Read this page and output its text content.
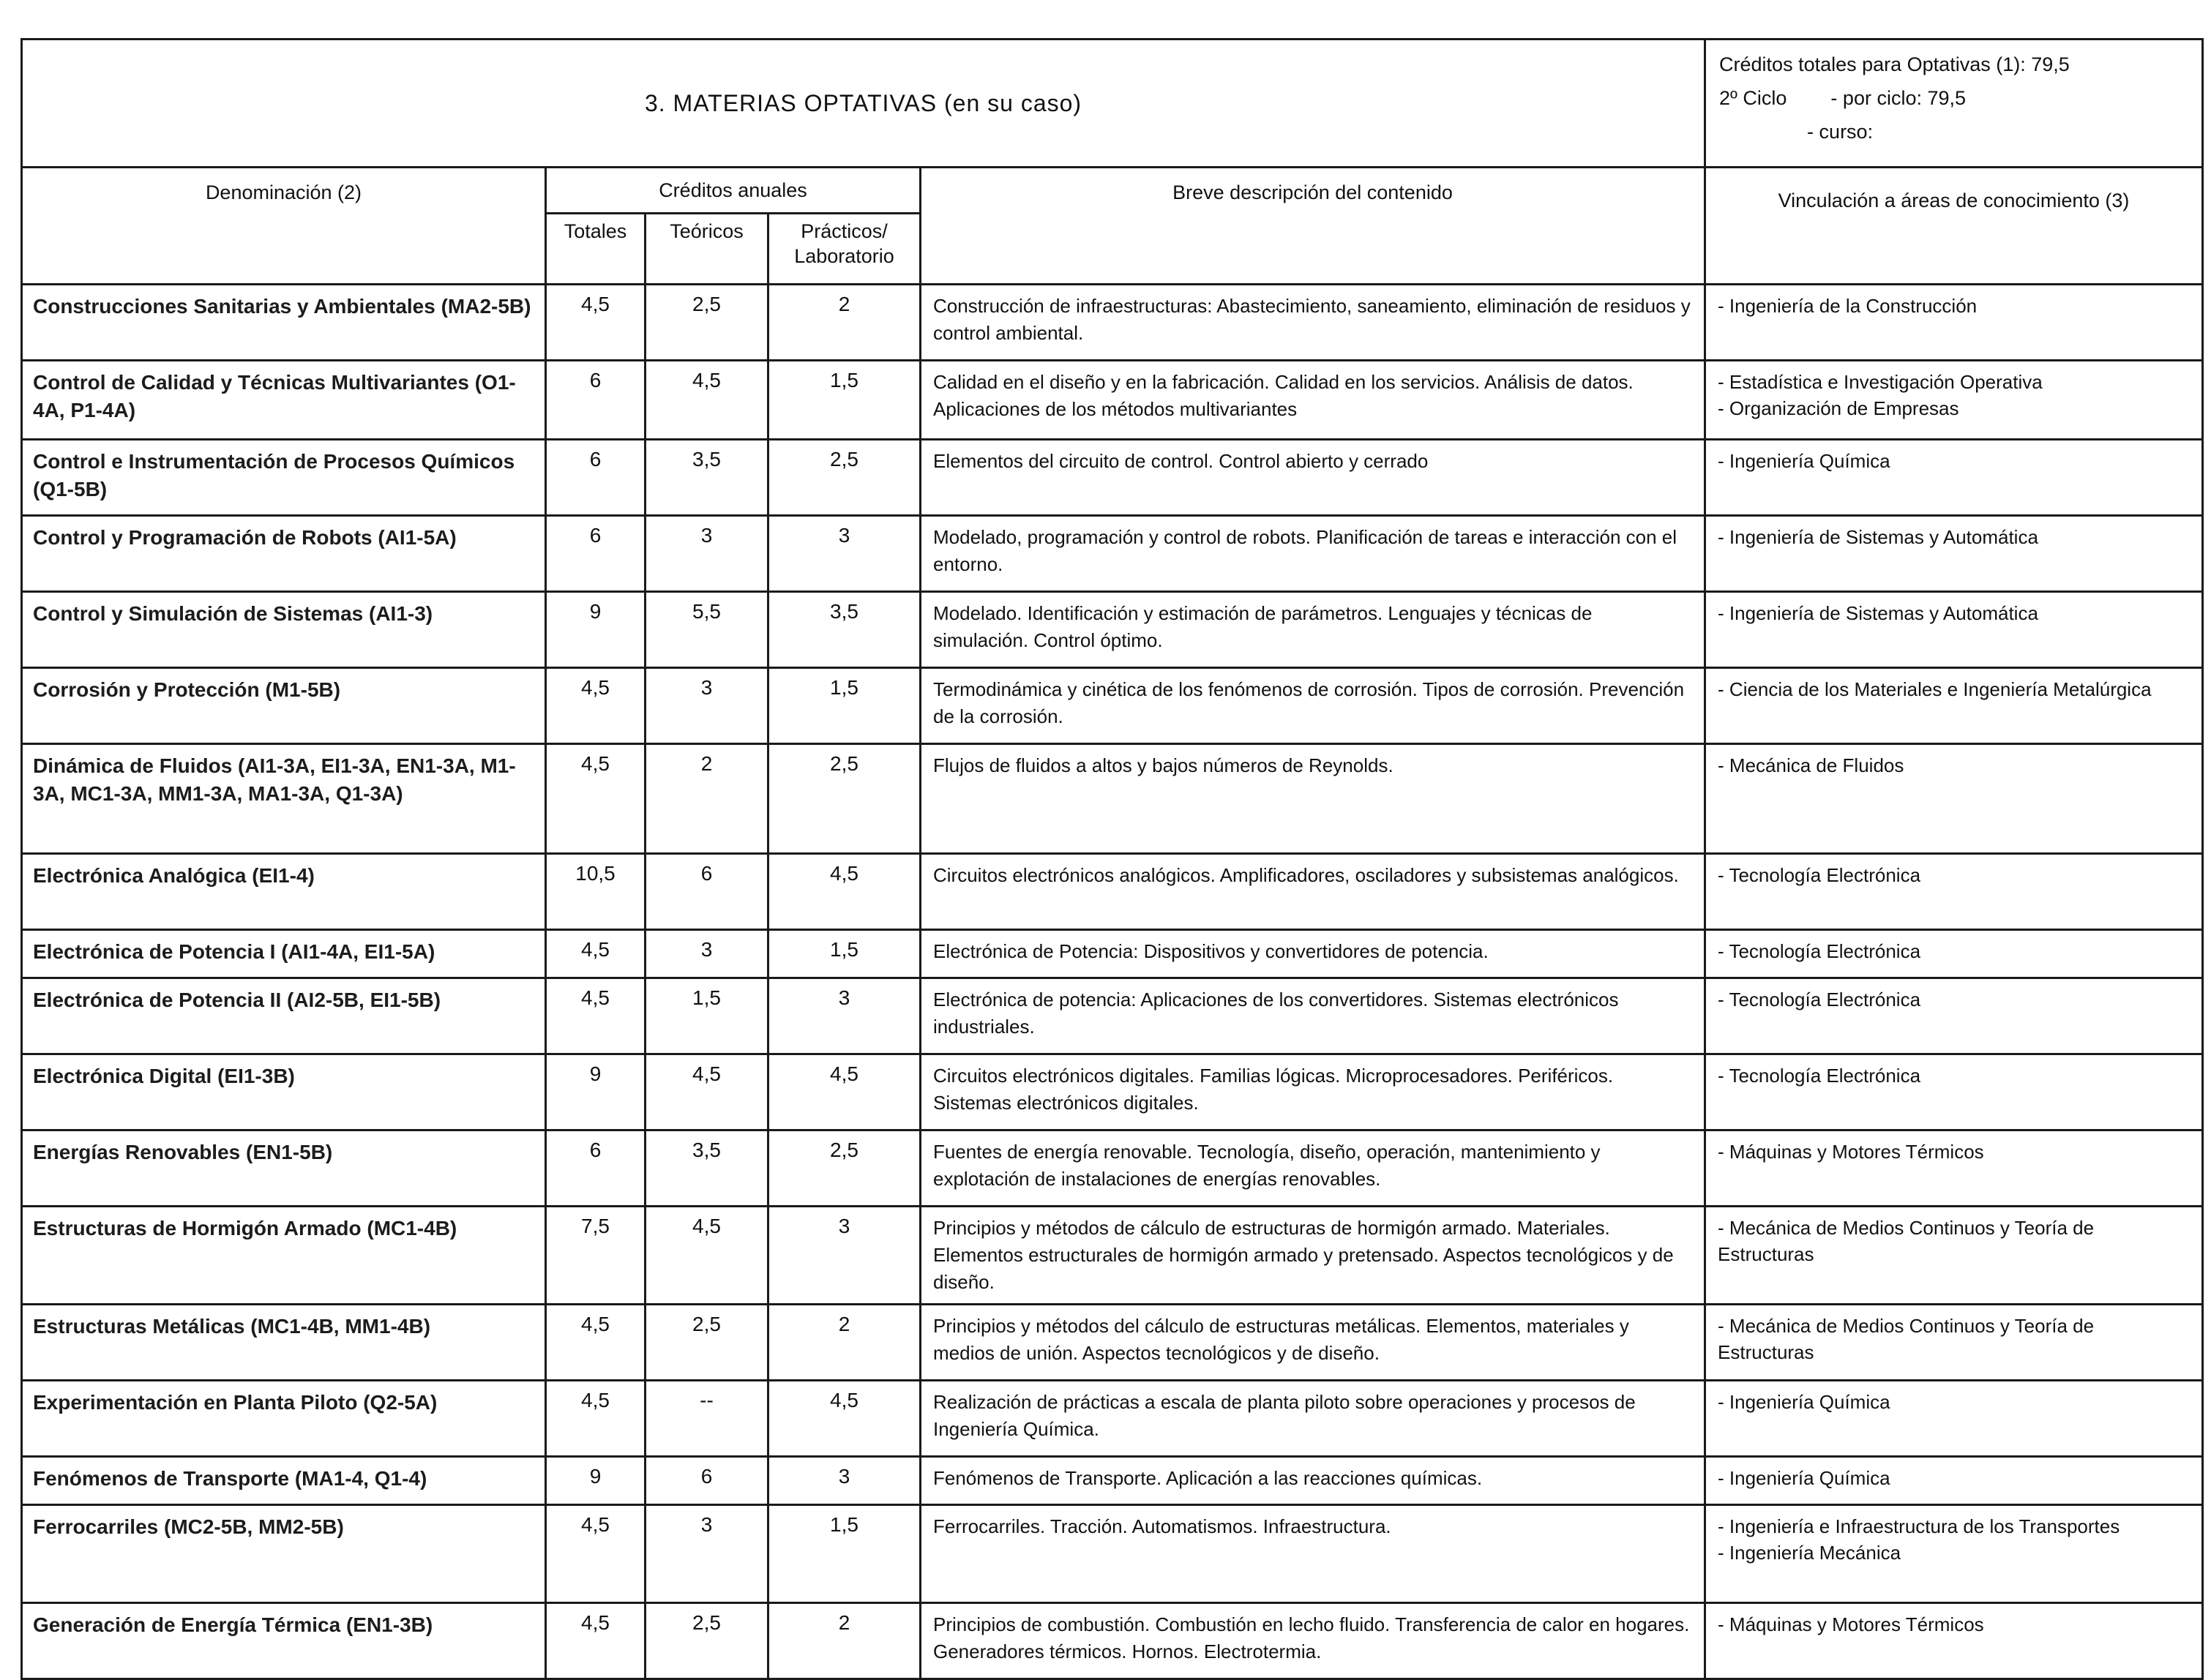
3. MATERIAS OPTATIVAS (en su caso)					Créditos totales para Optativas (1): 79,5
2º Ciclo        - por ciclo: 79,5
- curso:

Denominación (2)	Créditos anuales			Breve descripción del contenido	Vinculación a áreas de conocimiento (3)
	Totales	Teóricos	Prácticos/ Laboratorio		
Construcciones Sanitarias y Ambientales (MA2-5B)	4,5	2,5	2	Construcción de infraestructuras: Abastecimiento, saneamiento, eliminación de residuos y control ambiental.	- Ingeniería de la Construcción

Control de Calidad y Técnicas Multivariantes (O1-4A, P1-4A)	6	4,5	1,5	Calidad en el diseño y en la fabricación. Calidad en los servicios. Análisis de datos. Aplicaciones de los métodos multivariantes	- Estadística e Investigación Operativa
- Organización de Empresas

Control e Instrumentación de Procesos Químicos (Q1-5B)	6	3,5	2,5	Elementos del circuito de control. Control abierto y cerrado	- Ingeniería Química

Control y Programación de Robots (AI1-5A)	6	3	3	Modelado, programación y control de robots. Planificación de tareas e interacción con el entorno.	- Ingeniería de Sistemas y Automática

Control y Simulación de Sistemas (AI1-3)	9	5,5	3,5	Modelado. Identificación y estimación de parámetros. Lenguajes y técnicas de simulación. Control óptimo.	- Ingeniería de Sistemas y Automática

Corrosión y Protección (M1-5B)	4,5	3	1,5	Termodinámica y cinética de los fenómenos de corrosión. Tipos de corrosión. Prevención de la corrosión.	- Ciencia de los Materiales e Ingeniería Metalúrgica

Dinámica de Fluidos (AI1-3A, EI1-3A, EN1-3A, M1-3A, MC1-3A, MM1-3A, MA1-3A, Q1-3A)	4,5	2	2,5	Flujos de fluidos a altos y bajos números de Reynolds.	- Mecánica de Fluidos

Electrónica Analógica (EI1-4)	10,5	6	4,5	Circuitos electrónicos analógicos. Amplificadores, osciladores y subsistemas analógicos.	- Tecnología Electrónica

Electrónica de Potencia I (AI1-4A, EI1-5A)	4,5	3	1,5	Electrónica de Potencia: Dispositivos y convertidores de potencia.	- Tecnología Electrónica

Electrónica de Potencia II (AI2-5B, EI1-5B)	4,5	1,5	3	Electrónica de potencia: Aplicaciones de los convertidores. Sistemas electrónicos industriales.	- Tecnología Electrónica

Electrónica Digital (EI1-3B)	9	4,5	4,5	Circuitos electrónicos digitales. Familias lógicas. Microprocesadores. Periféricos. Sistemas electrónicos digitales.	- Tecnología Electrónica

Energías Renovables (EN1-5B)	6	3,5	2,5	Fuentes de energía renovable. Tecnología, diseño, operación, mantenimiento y explotación de instalaciones de energías renovables.	- Máquinas y Motores Térmicos

Estructuras de Hormigón Armado (MC1-4B)	7,5	4,5	3	Principios y métodos de cálculo de estructuras de hormigón armado. Materiales. Elementos estructurales de hormigón armado y pretensado. Aspectos tecnológicos y de diseño.	- Mecánica de Medios Continuos y Teoría de Estructuras

Estructuras Metálicas (MC1-4B, MM1-4B)	4,5	2,5	2	Principios y métodos del cálculo de estructuras metálicas. Elementos, materiales y medios de unión. Aspectos tecnológicos y de diseño.	- Mecánica de Medios Continuos y Teoría de Estructuras

Experimentación en Planta Piloto (Q2-5A)	4,5	--	4,5	Realización de prácticas a escala de planta piloto sobre operaciones y procesos de Ingeniería Química.	- Ingeniería Química

Fenómenos de Transporte (MA1-4, Q1-4)	9	6	3	Fenómenos de Transporte. Aplicación a las reacciones químicas.	- Ingeniería Química

Ferrocarriles (MC2-5B, MM2-5B)	4,5	3	1,5	Ferrocarriles. Tracción. Automatismos. Infraestructura.	- Ingeniería e Infraestructura de los Transportes
- Ingeniería Mecánica

Generación de Energía Térmica (EN1-3B)	4,5	2,5	2	Principios de combustión. Combustión en lecho fluido. Transferencia de calor en hogares. Generadores térmicos. Hornos. Electrotermia.	- Máquinas y Motores Térmicos
